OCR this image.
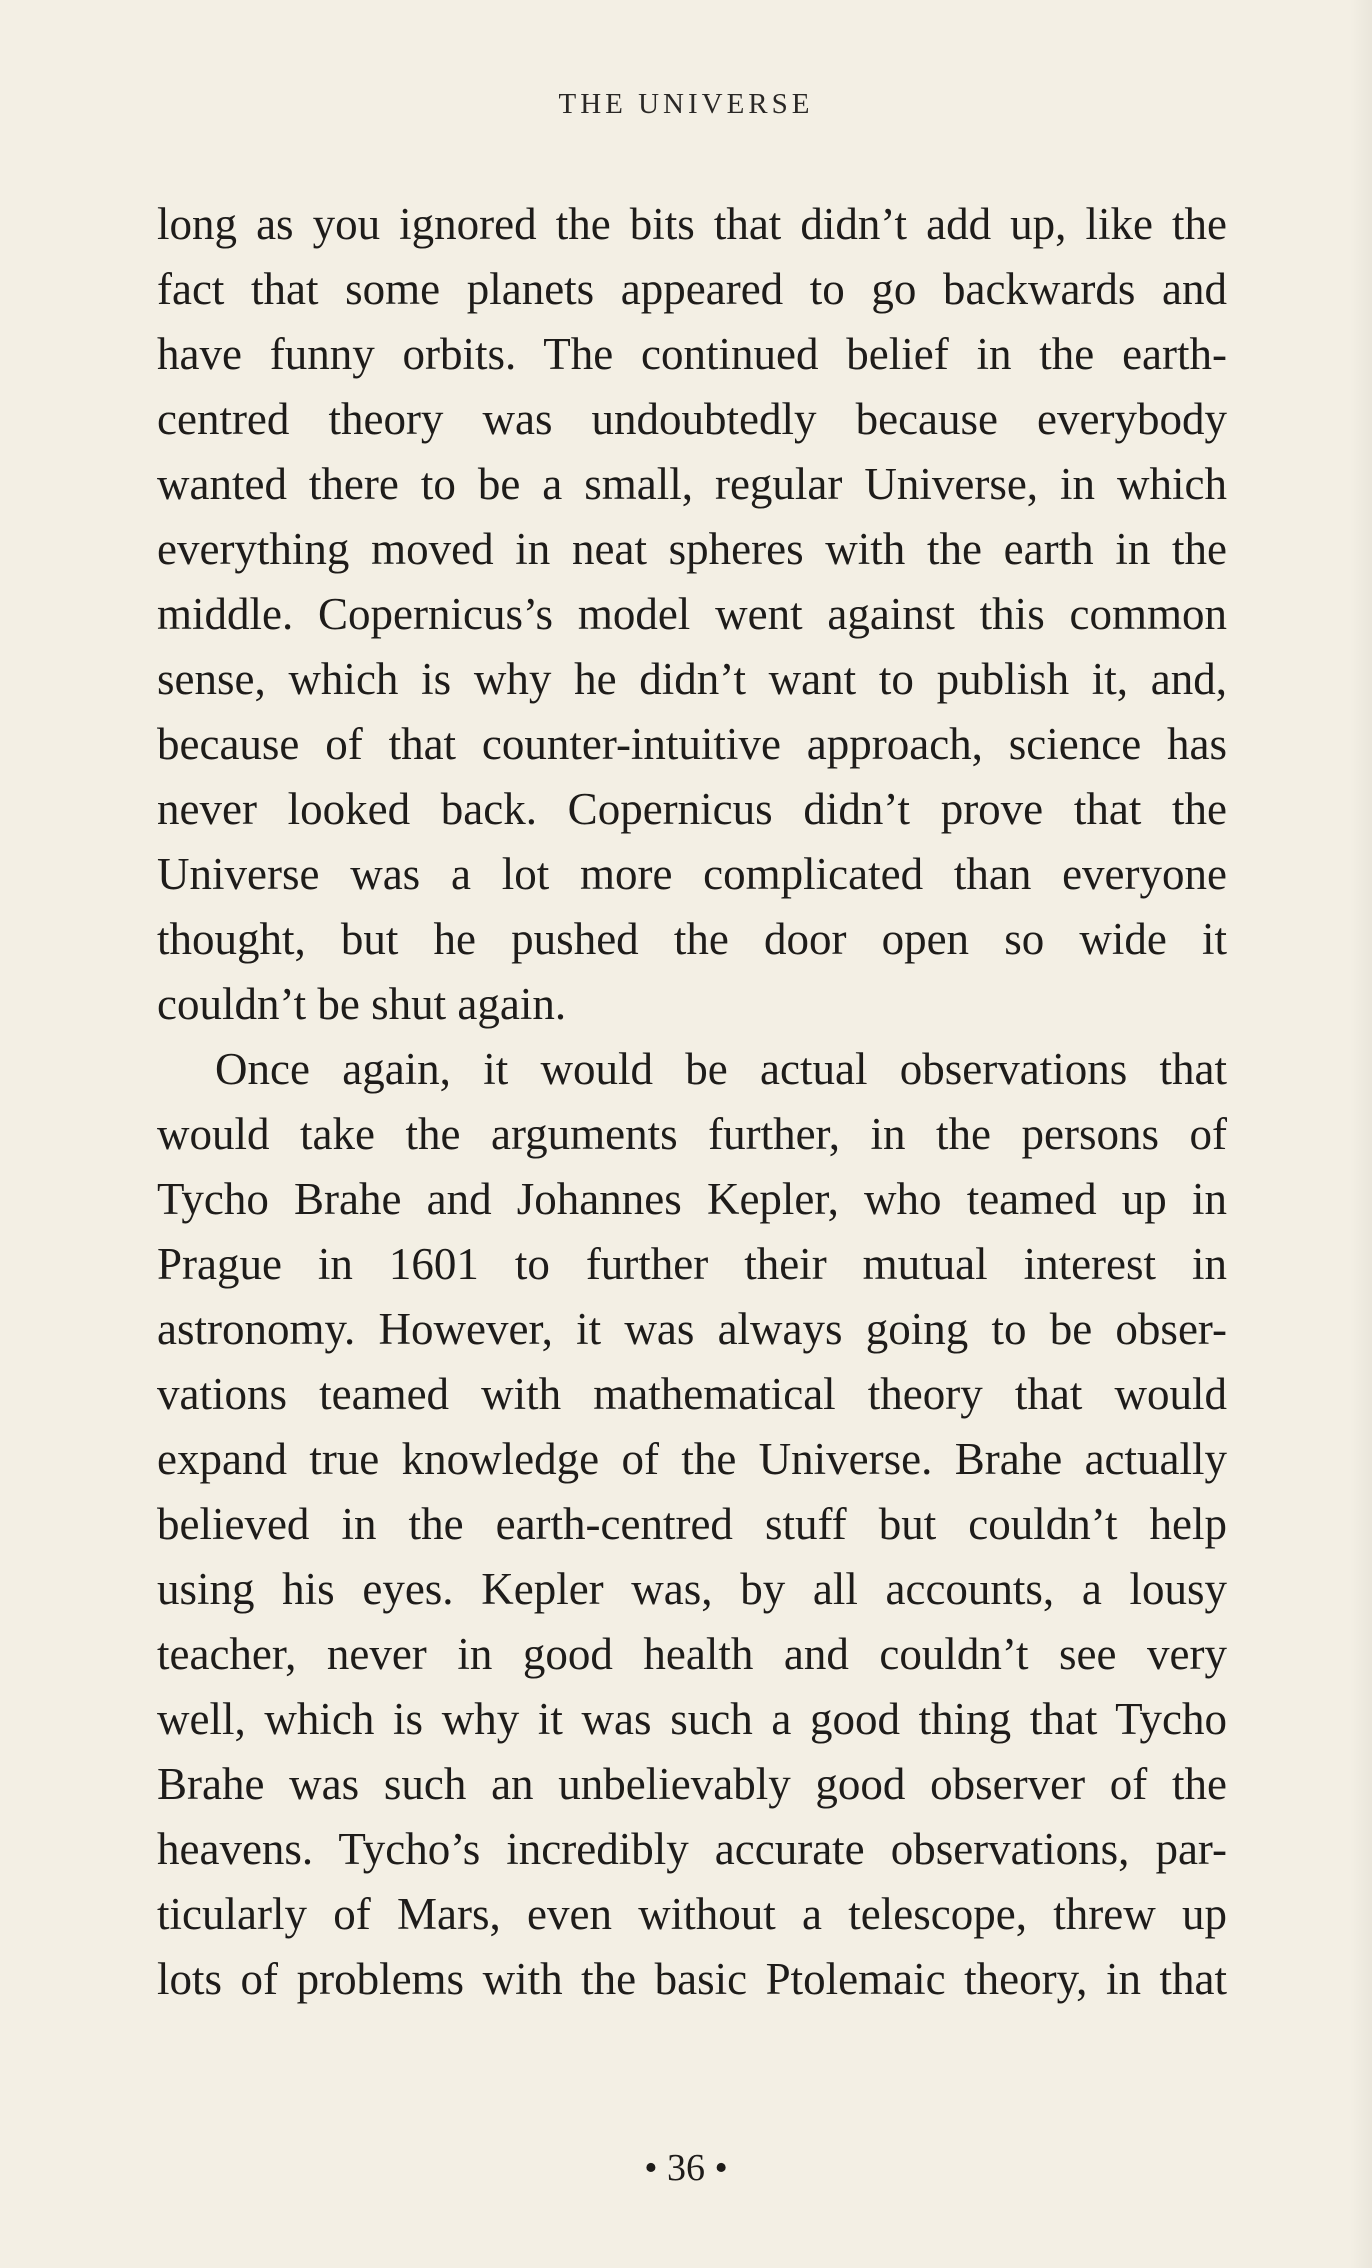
THE UNIVERSE
long as you ignored the bits that didn’t add up, like the
fact that some planets appeared to go backwards and
have funny orbits. The continued belief in the earth-
centred theory was undoubtedly because everybody
wanted there to be a small, regular Universe, in which
everything moved in neat spheres with the earth in the
middle. Copernicus’s model went against this common
sense, which is why he didn’t want to publish it, and,
because of that counter-intuitive approach, science has
never looked back. Copernicus didn’t prove that the
Universe was a lot more complicated than everyone
thought, but he pushed the door open so wide it
couldn’t be shut again.
Once again, it would be actual observations that
would take the arguments further, in the persons of
Tycho Brahe and Johannes Kepler, who teamed up in
Prague in 1601 to further their mutual interest in
astronomy. However, it was always going to be obser-
vations teamed with mathematical theory that would
expand true knowledge of the Universe. Brahe actually
believed in the earth-centred stuff but couldn’t help
using his eyes. Kepler was, by all accounts, a lousy
teacher, never in good health and couldn’t see very
well, which is why it was such a good thing that Tycho
Brahe was such an unbelievably good observer of the
heavens. Tycho’s incredibly accurate observations, par-
ticularly of Mars, even without a telescope, threw up
lots of problems with the basic Ptolemaic theory, in that
• 36 •
